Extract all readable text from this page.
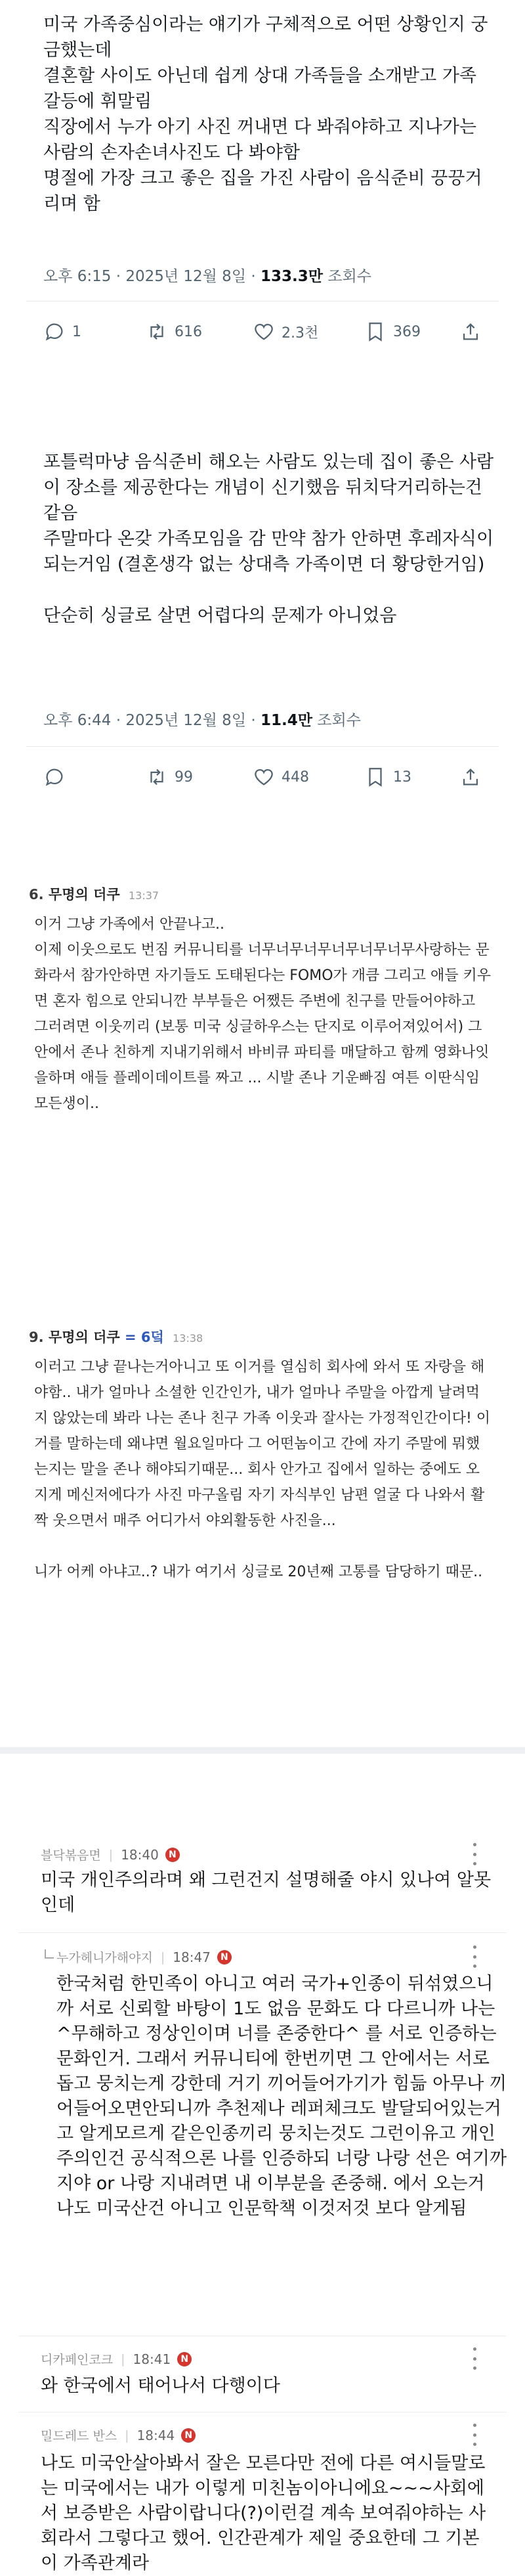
미국 가족중심이라는 얘기가 구체적으로 어떤 상황인지 궁금했는데
결혼할 사이도 아닌데 쉽게 상대 가족들을 소개받고 가족 갈등에 휘말림
직장에서 누가 아기 사진 꺼내면 다 봐줘야하고 지나가는 사람의 손자손녀사진도 다 봐야함
명절에 가장 크고 좋은 집을 가진 사람이 음식준비 끙끙거리며 함
오후 6:15 · 2025년 12월 8일 · 133.3만 조회수
1	616	2.3천	369
포틀럭마냥 음식준비 해오는 사람도 있는데 집이 좋은 사람이 장소를 제공한다는 개념이 신기했음 뒤치닥거리하는건 같음
주말마다 온갖 가족모임을 감 만약 참가 안하면 후레자식이 되는거임 (결혼생각 없는 상대측 가족이면 더 황당한거임)

단순히 싱글로 살면 어렵다의 문제가 아니었음
오후 6:44 · 2025년 12월 8일 · 11.4만 조회수
99	448	13
6. 무명의 더쿠 13:37
이거 그냥 가족에서 안끝나고..
이제 이웃으로도 번짐 커뮤니티를 너무너무너무너무너무너무사랑하는 문화라서 참가안하면 자기들도 도태된다는 FOMO가 개큼 그리고 애들 키우면 혼자 힘으로 안되니깐 부부들은 어쨌든 주변에 친구를 만들어야하고 그러려면 이웃끼리 (보통 미국 싱글하우스는 단지로 이루어져있어서) 그안에서 존나 친하게 지내기위해서 바비큐 파티를 매달하고 함께 영화나잇을하며 애들 플레이데이트를 짜고 ... 시발 존나 기운빠짐 여튼 이딴식임 모든생이..
9. 무명의 더쿠 = 6덬 13:38
이러고 그냥 끝나는거아니고 또 이거를 열심히 회사에 와서 또 자랑을 해야함.. 내가 얼마나 소셜한 인간인가, 내가 얼마나 주말을 아깝게 날려먹지 않았는데 봐라 나는 존나 친구 가족 이웃과 잘사는 가정적인간이다! 이거를 말하는데 왜냐면 월요일마다 그 어떤놈이고 간에 자기 주말에 뭐했는지는 말을 존나 해야되기때문... 회사 안가고 집에서 일하는 중에도 오지게 메신저에다가 사진 마구올림 자기 자식부인 남편 얼굴 다 나와서 활짝 웃으면서 매주 어디가서 야외활동한 사진을...

니가 어케 아냐고..? 내가 여기서 싱글로 20년째 고통를 담당하기 때문..
블닥볶음면 | 18:40	N
미국 개인주의라며 왜 그런건지 설명해줄 야시 있나여 알못인데
누가헤니가해야지 | 18:47	N
한국처럼 한민족이 아니고 여러 국가+인종이 뒤섞였으니까 서로 신뢰할 바탕이 1도 없음 문화도 다 다르니까 나는 ^무해하고 정상인이며 너를 존중한다^ 를 서로 인증하는 문화인거. 그래서 커뮤니티에 한번끼면 그 안에서는 서로 돕고 뭉치는게 강한데 거기 끼어들어가기가 힘듦 아무나 끼어들어오면안되니까 추천제나 레퍼체크도 발달되어있는거고 알게모르게 같은인종끼리 뭉치는것도 그런이유고 개인주의인건 공식적으론 나를 인증하되 너랑 나랑 선은 여기까지야 or 나랑 지내려면 내 이부분을 존중해. 에서 오는거
나도 미국산건 아니고 인문학책 이것저것 보다 알게됨
디카페인코크 | 18:41	N
와 한국에서 태어나서 다행이다
밀드레드 반스 | 18:44	N
나도 미국안살아봐서 잘은 모른다만 전에 다른 여시들말로는 미국에서는 내가 이렇게 미친놈이아니에요~~~사회에서 보증받은 사람이랍니다(?)이런걸 계속 보여줘야하는 사회라서 그렇다고 했어. 인간관계가 제일 중요한데 그 기본이 가족관계라
